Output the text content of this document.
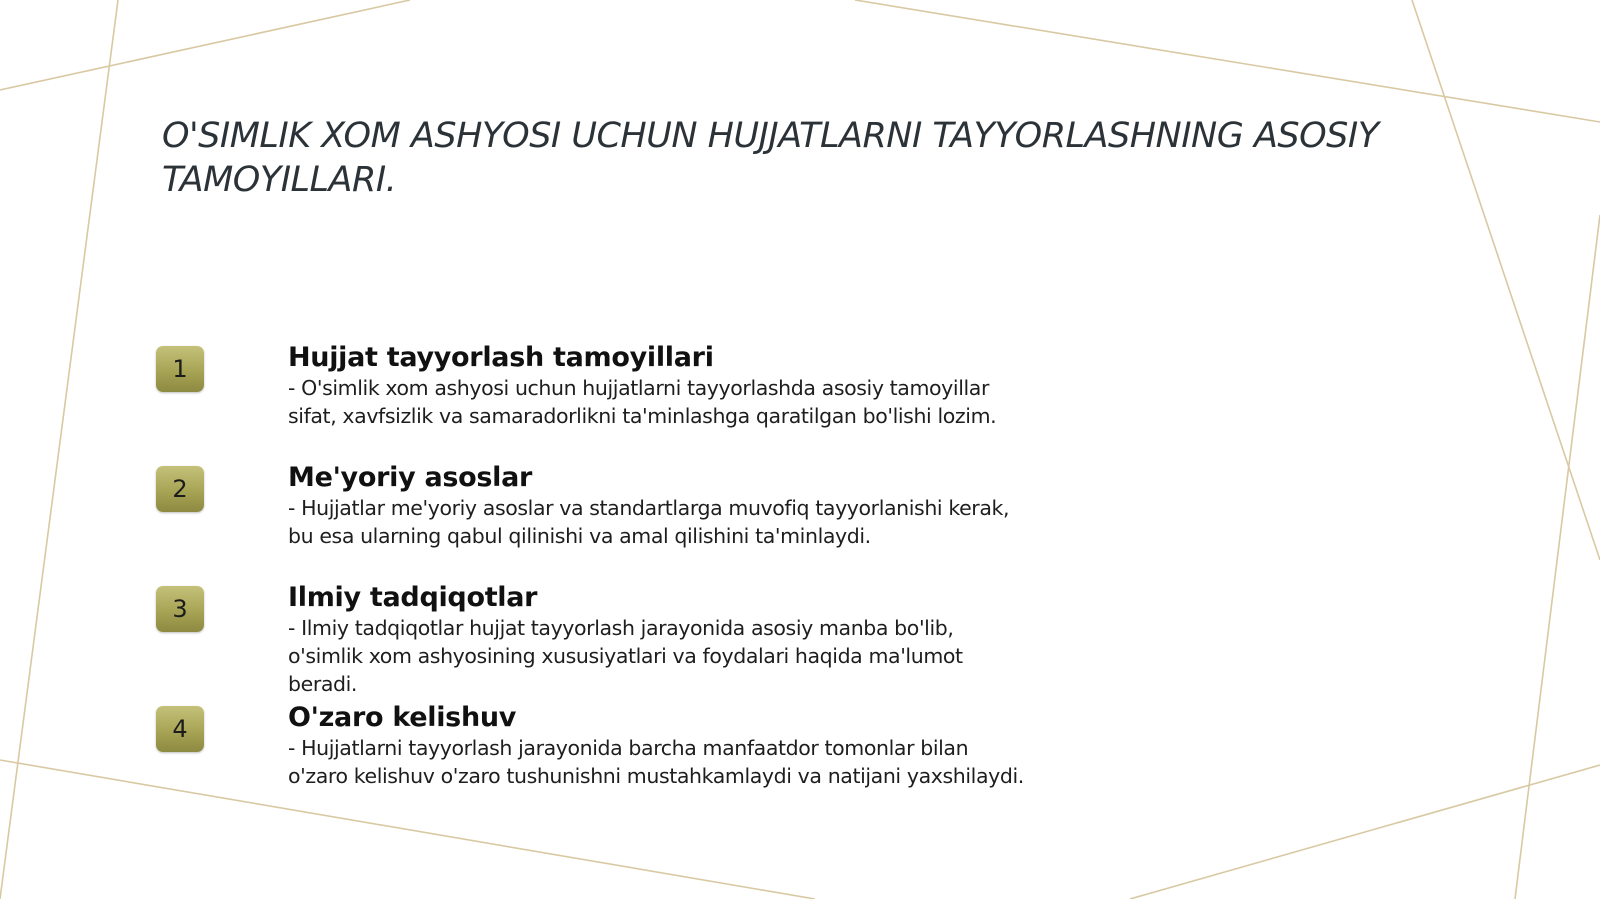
O'SIMLIK XOM ASHYOSI UCHUN HUJJATLARNI TAYYORLASHNING ASOSIY TAMOYILLARI.
1	Hujjat tayyorlash tamoyillari

- O'simlik xom ashyosi uchun hujjatlarni tayyorlashda asosiy tamoyillar
sifat, xavfsizlik va samaradorlikni ta'minlashga qaratilgan bo'lishi lozim.

2	Me'yoriy asoslar

- Hujjatlar me'yoriy asoslar va standartlarga muvofiq tayyorlanishi kerak,
bu esa ularning qabul qilinishi va amal qilishini ta'minlaydi.

3	Ilmiy tadqiqotlar

- Ilmiy tadqiqotlar hujjat tayyorlash jarayonida asosiy manba bo'lib,
o'simlik xom ashyosining xususiyatlari va foydalari haqida ma'lumot
beradi.

4	O'zaro kelishuv

- Hujjatlarni tayyorlash jarayonida barcha manfaatdor tomonlar bilan
o'zaro kelishuv o'zaro tushunishni mustahkamlaydi va natijani yaxshilaydi.
